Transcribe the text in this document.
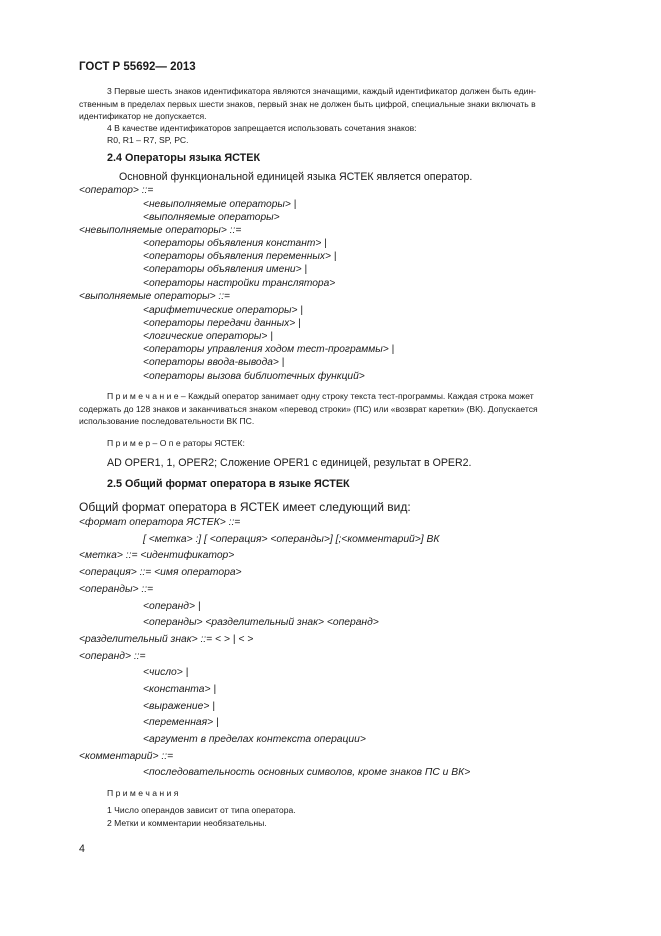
ГОСТ Р 55692— 2013
3 Первые шесть знаков идентификатора являются значащими, каждый идентификатор должен быть един-
ственным в пределах первых шести знаков, первый знак не должен быть цифрой, специальные знаки включать в
идентификатор не допускается.
4 В качестве идентификаторов запрещается использовать сочетания знаков:
R0, R1 – R7, SP, PC.
2.4 Операторы языка ЯСТЕК
Основной функциональной единицей языка ЯСТЕК является оператор.
<оператор> ::=
<невыполняемые операторы> |
<выполняемые операторы>
<невыполняемые операторы> ::=
<операторы объявления констант> |
<операторы объявления переменных> |
<операторы объявления имени> |
<операторы настройки транслятора>
<выполняемые операторы> ::=
<арифметические операторы> |
<операторы передачи данных> |
<логические операторы> |
<операторы управления ходом тест-программы> |
<операторы ввода-вывода> |
<операторы вызова библиотечных функций>
П р и м е ч а н и е – Каждый оператор занимает одну строку текста тест-программы. Каждая строка может
содержать до 128 знаков и заканчиваться знаком «перевод строки» (ПС) или «возврат каретки» (ВК). Допускается
использование последовательности ВК ПС.
П р и м е р – О п е раторы ЯСТЕК:
AD OPER1, 1, OPER2; Сложение OPER1 с единицей, результат в OPER2.
2.5 Общий формат оператора в языке ЯСТЕК
Общий формат оператора в ЯСТЕК имеет следующий вид:
<формат оператора ЯСТЕК> ::=
[ <метка> :] [ <операция> <операнды>] [;<комментарий>] ВК
<метка> ::= <идентификатор>
<операция> ::= <имя оператора>
<операнды> ::=
<операнд> |
<операнды> <разделительный знак> <операнд>
<разделительный знак> ::= < > | < >
<операнд> ::=
<число> |
<константа> |
<выражение> |
<переменная> |
<аргумент в пределах контекста операции>
<комментарий> ::=
<последовательность основных символов, кроме знаков ПС и ВК>
П р и м е ч а н и я
1 Число операндов зависит от типа оператора.
2 Метки и комментарии необязательны.
4
